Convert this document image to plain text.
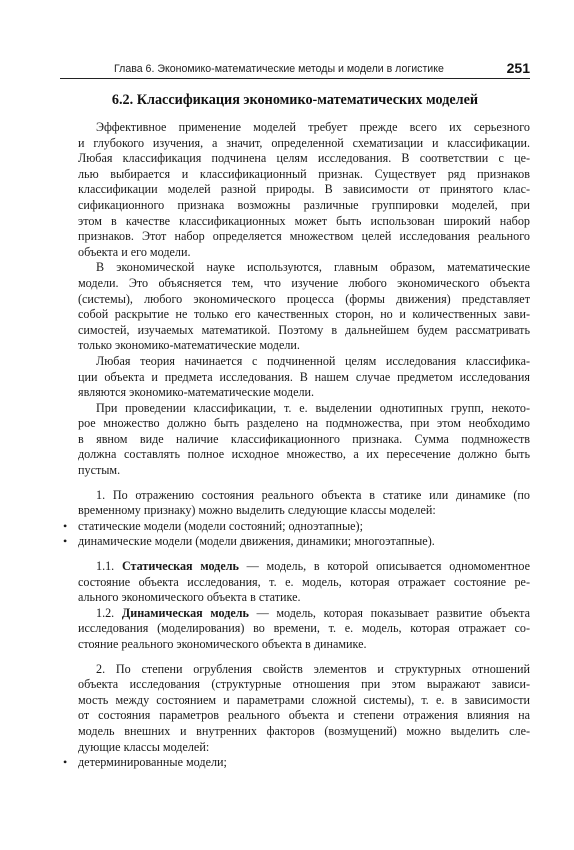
Глава 6. Экономико-математические методы и модели в логистике	251
6.2. Классификация экономико-математических моделей

Эффективное применение моделей требует прежде всего их серьезного
и глубокого изучения, а значит, определенной схематизации и классификации.
Любая классификация подчинена целям исследования. В соответствии с це-
лью выбирается и классификационный признак. Существует ряд признаков
классификации моделей разной природы. В зависимости от принятого клас-
сификационного признака возможны различные группировки моделей, при
этом в качестве классификационных может быть использован широкий набор
признаков. Этот набор определяется множеством целей исследования реального
объекта и его модели.

В экономической науке используются, главным образом, математические
модели. Это объясняется тем, что изучение любого экономического объекта
(системы), любого экономического процесса (формы движения) представляет
собой раскрытие не только его качественных сторон, но и количественных зави-
симостей, изучаемых математикой. Поэтому в дальнейшем будем рассматривать
только экономико-математические модели.

Любая теория начинается с подчиненной целям исследования классифика-
ции объекта и предмета исследования. В нашем случае предметом исследования
являются экономико-математические модели.

При проведении классификации, т. е. выделении однотипных групп, некото-
рое множество должно быть разделено на подмножества, при этом необходимо
в явном виде наличие классификационного признака. Сумма подмножеств
должна составлять полное исходное множество, а их пересечение должно быть
пустым.

1. По отражению состояния реального объекта в статике или динамике (по
временному признаку) можно выделить следующие классы моделей:

• статические модели (модели состояний; одноэтапные);
• динамические модели (модели движения, динамики; многоэтапные).

1.1. Статическая модель — модель, в которой описывается одномоментное
состояние объекта исследования, т. е. модель, которая отражает состояние ре-
ального экономического объекта в статике.

1.2. Динамическая модель — модель, которая показывает развитие объекта
исследования (моделирования) во времени, т. е. модель, которая отражает со-
стояние реального экономического объекта в динамике.

2. По степени огрубления свойств элементов и структурных отношений
объекта исследования (структурные отношения при этом выражают зависи-
мость между состоянием и параметрами сложной системы), т. е. в зависимости
от состояния параметров реального объекта и степени отражения влияния на
модель внешних и внутренних факторов (возмущений) можно выделить сле-
дующие классы моделей:

• детерминированные модели;
